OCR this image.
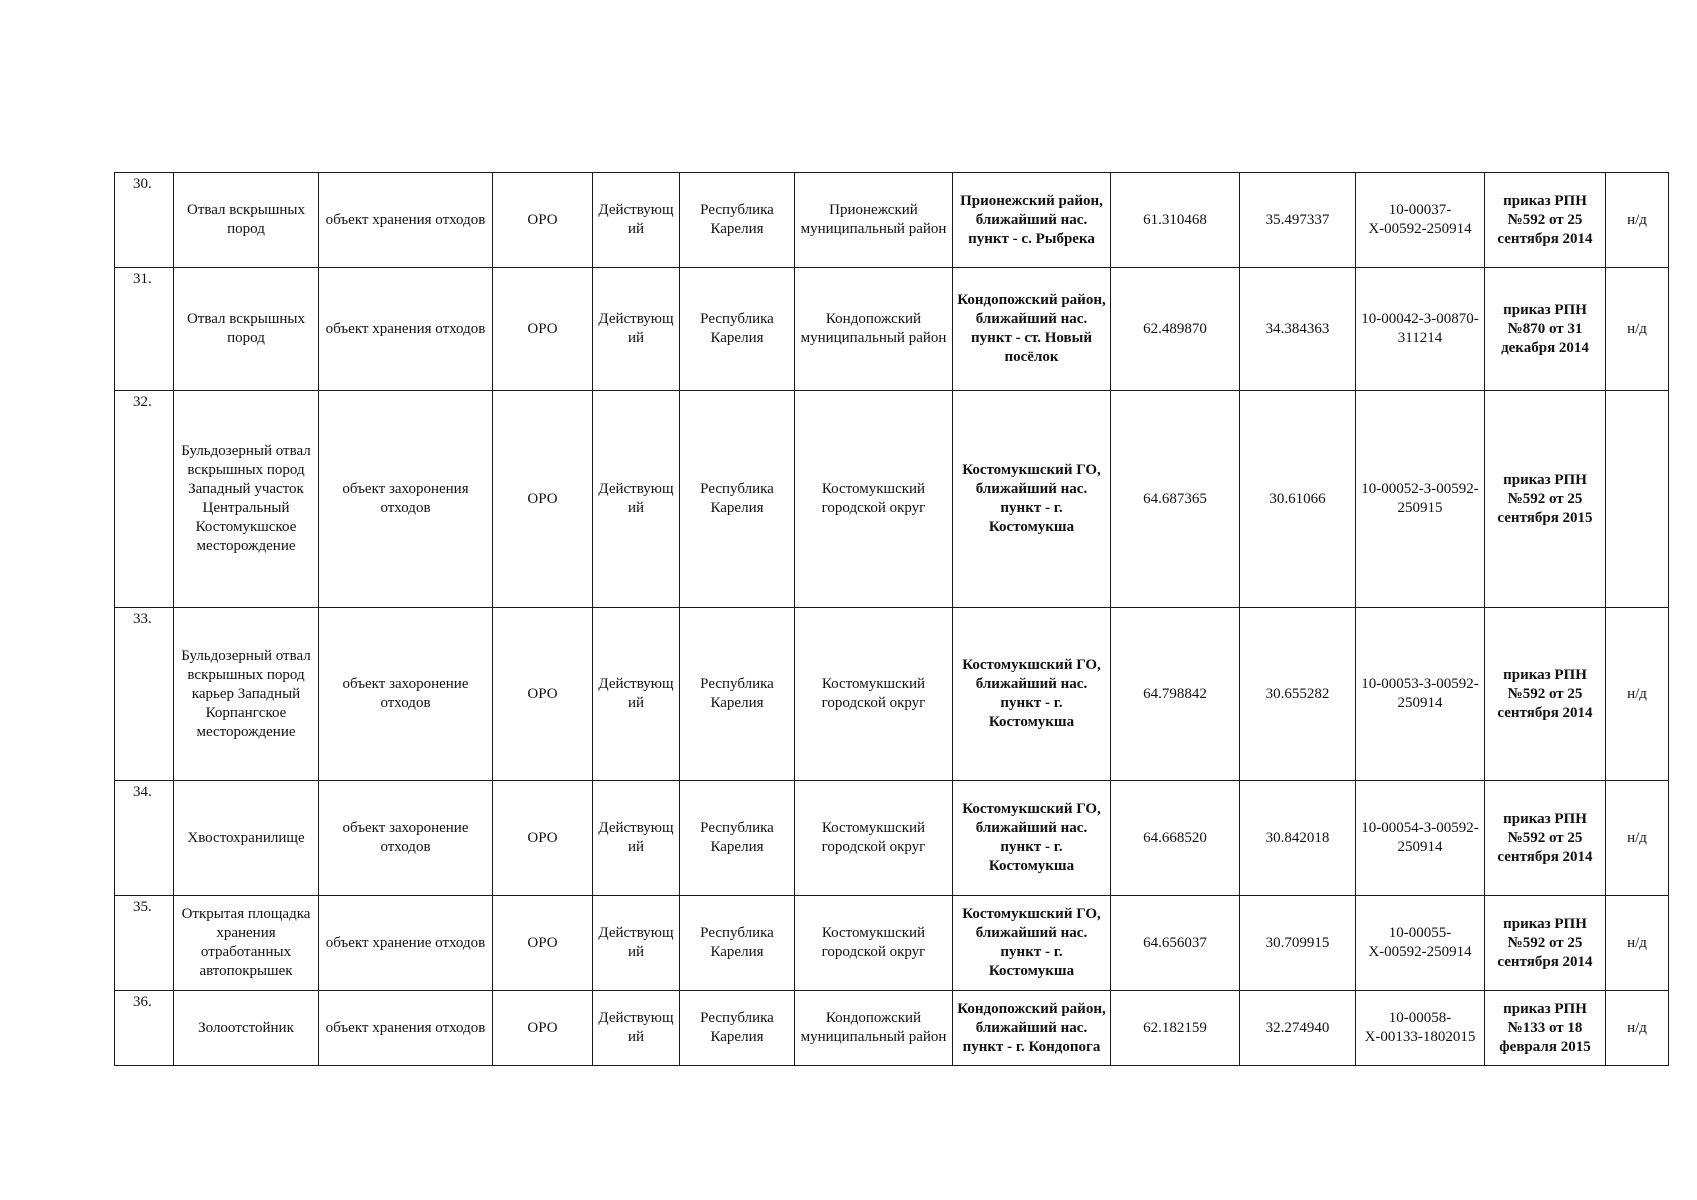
30.	Отвал вскрышных пород	объект хранения отходов	ОРО	Действующий	Республика Карелия	Прионежский муниципальный район	Прионежский район, ближайший нас. пункт - с. Рыбрека	61.310468	35.497337	10-00037-Х-00592-250914	приказ РПН №592 от 25 сентября 2014	н/д
31.	Отвал вскрышных пород	объект хранения отходов	ОРО	Действующий	Республика Карелия	Кондопожский муниципальный район	Кондопожский район, ближайший нас. пункт - ст. Новый посёлок	62.489870	34.384363	10-00042-З-00870-311214	приказ РПН №870 от 31 декабря 2014	н/д
32.	Бульдозерный отвал вскрышных пород Западный участок Центральный Костомукшское месторождение	объект захоронения отходов	ОРО	Действующий	Республика Карелия	Костомукшский городской округ	Костомукшский ГО, ближайший нас. пункт - г. Костомукша	64.687365	30.61066	10-00052-З-00592-250915	приказ РПН №592 от 25 сентября 2015	
33.	Бульдозерный отвал вскрышных пород карьер Западный Корпангское месторождение	объект захоронение отходов	ОРО	Действующий	Республика Карелия	Костомукшский городской округ	Костомукшский ГО, ближайший нас. пункт - г. Костомукша	64.798842	30.655282	10-00053-З-00592-250914	приказ РПН №592 от 25 сентября 2014	н/д
34.	Хвостохранилище	объект захоронение отходов	ОРО	Действующий	Республика Карелия	Костомукшский городской округ	Костомукшский ГО, ближайший нас. пункт - г. Костомукша	64.668520	30.842018	10-00054-З-00592-250914	приказ РПН №592 от 25 сентября 2014	н/д
35.	Открытая площадка хранения отработанных автопокрышек	объект хранение отходов	ОРО	Действующий	Республика Карелия	Костомукшский городской округ	Костомукшский ГО, ближайший нас. пункт - г. Костомукша	64.656037	30.709915	10-00055-Х-00592-250914	приказ РПН №592 от 25 сентября 2014	н/д
36.	Золоотстойник	объект хранения отходов	ОРО	Действующий	Республика Карелия	Кондопожский муниципальный район	Кондопожский район, ближайший нас. пункт - г. Кондопога	62.182159	32.274940	10-00058-Х-00133-1802015	приказ РПН №133 от 18 февраля 2015	н/д
